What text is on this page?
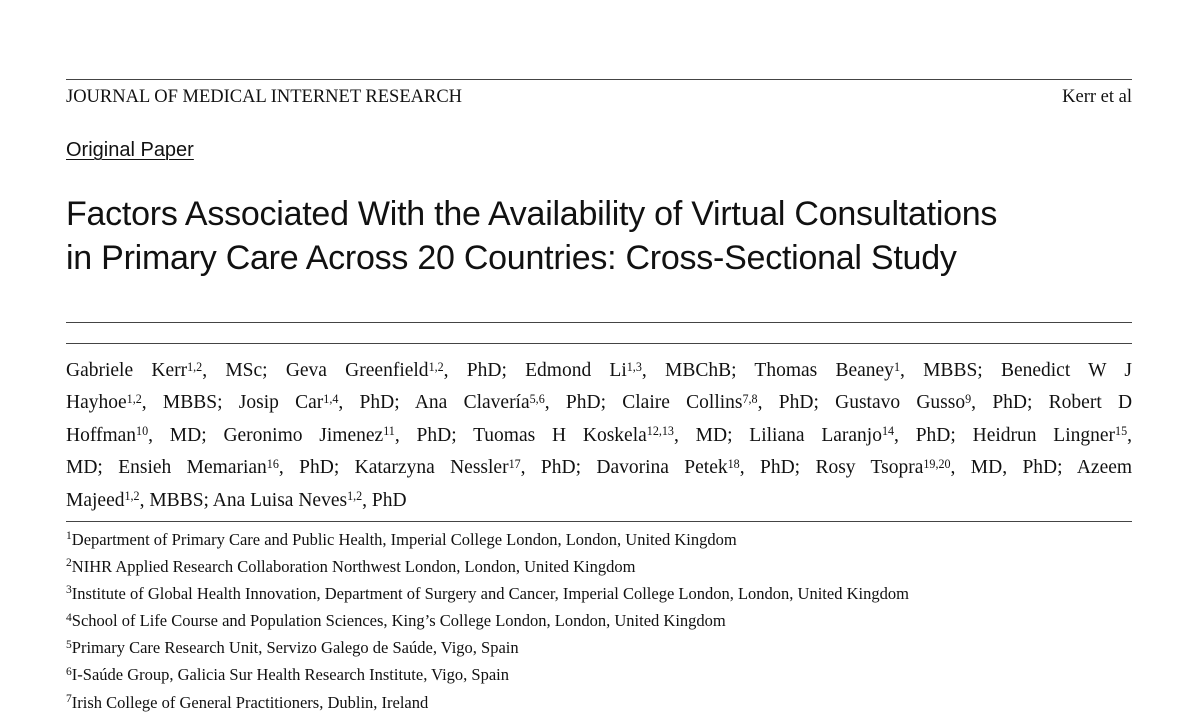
JOURNAL OF MEDICAL INTERNET RESEARCH	Kerr et al
Original Paper
Factors Associated With the Availability of Virtual Consultations
in Primary Care Across 20 Countries: Cross-Sectional Study
Gabriele Kerr$^{1,2}$, MSc; Geva Greenfield$^{1,2}$, PhD; Edmond Li$^{1,3}$, MBChB; Thomas Beaney$^1$, MBBS; Benedict W J
Hayhoe$^{1,2}$, MBBS; Josip Car$^{1,4}$, PhD; Ana Clavería$^{5,6}$, PhD; Claire Collins$^{7,8}$, PhD; Gustavo Gusso$^9$, PhD; Robert D
Hoffman$^{10}$, MD; Geronimo Jimenez$^{11}$, PhD; Tuomas H Koskela$^{12,13}$, MD; Liliana Laranjo$^{14}$, PhD; Heidrun Lingner$^{15}$,
MD; Ensieh Memarian$^{16}$, PhD; Katarzyna Nessler$^{17}$, PhD; Davorina Petek$^{18}$, PhD; Rosy Tsopra$^{19,20}$, MD, PhD; Azeem
Majeed$^{1,2}$, MBBS; Ana Luisa Neves$^{1,2}$, PhD
$^1$Department of Primary Care and Public Health, Imperial College London, London, United Kingdom
$^2$NIHR Applied Research Collaboration Northwest London, London, United Kingdom
$^3$Institute of Global Health Innovation, Department of Surgery and Cancer, Imperial College London, London, United Kingdom
$^4$School of Life Course and Population Sciences, King’s College London, London, United Kingdom
$^5$Primary Care Research Unit, Servizo Galego de Saúde, Vigo, Spain
$^6$I-Saúde Group, Galicia Sur Health Research Institute, Vigo, Spain
$^7$Irish College of General Practitioners, Dublin, Ireland
